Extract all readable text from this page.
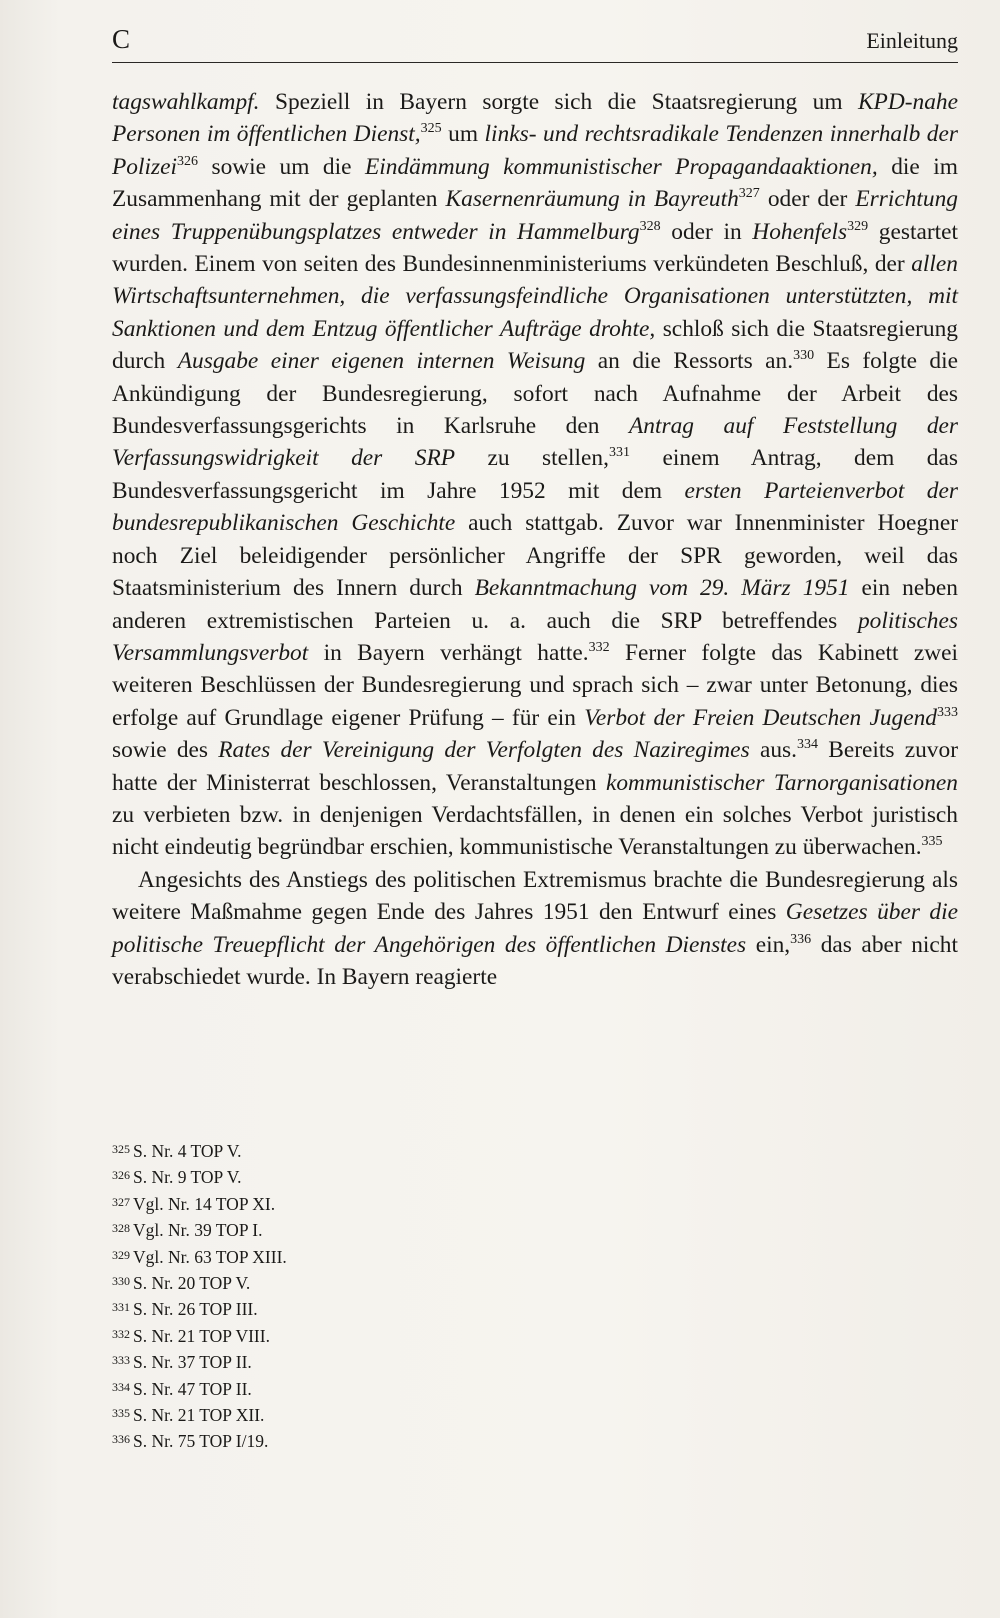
C	Einleitung

tagswahlkampf. Speziell in Bayern sorgte sich die Staatsregierung um KPD-nahe Personen im öffentlichen Dienst,$^{325}$ um links- und rechtsradikale Tendenzen innerhalb der Polizei$^{326}$ sowie um die Eindämmung kommunistischer Propagandaaktionen, die im Zusammenhang mit der geplanten Kasernenräumung in Bayreuth$^{327}$ oder der Errichtung eines Truppenübungsplatzes entweder in Hammelburg$^{328}$ oder in Hohenfels$^{329}$ gestartet wurden. Einem von seiten des Bundesinnenministeriums verkündeten Beschluß, der allen Wirtschaftsunternehmen, die verfassungsfeindliche Organisationen unterstützten, mit Sanktionen und dem Entzug öffentlicher Aufträge drohte, schloß sich die Staatsregierung durch Ausgabe einer eigenen internen Weisung an die Ressorts an.$^{330}$ Es folgte die Ankündigung der Bundesregierung, sofort nach Aufnahme der Arbeit des Bundesverfassungsgerichts in Karlsruhe den Antrag auf Feststellung der Verfassungswidrigkeit der SRP zu stellen,$^{331}$ einem Antrag, dem das Bundesverfassungsgericht im Jahre 1952 mit dem ersten Parteienverbot der bundesrepublikanischen Geschichte auch stattgab. Zuvor war Innenminister Hoegner noch Ziel beleidigender persönlicher Angriffe der SPR geworden, weil das Staatsministerium des Innern durch Bekanntmachung vom 29. März 1951 ein neben anderen extremistischen Parteien u. a. auch die SRP betreffendes politisches Versammlungsverbot in Bayern verhängt hatte.$^{332}$ Ferner folgte das Kabinett zwei weiteren Beschlüssen der Bundesregierung und sprach sich – zwar unter Betonung, dies erfolge auf Grundlage eigener Prüfung – für ein Verbot der Freien Deutschen Jugend$^{333}$ sowie des Rates der Vereinigung der Verfolgten des Naziregimes aus.$^{334}$ Bereits zuvor hatte der Ministerrat beschlossen, Veranstaltungen kommunistischer Tarnorganisationen zu verbieten bzw. in denjenigen Verdachtsfällen, in denen ein solches Verbot juristisch nicht eindeutig begründbar erschien, kommunistische Veranstaltungen zu überwachen.$^{335}$

Angesichts des Anstiegs des politischen Extremismus brachte die Bundesregierung als weitere Maßmahme gegen Ende des Jahres 1951 den Entwurf eines Gesetzes über die politische Treuepflicht der Angehörigen des öffentlichen Dienstes ein,$^{336}$ das aber nicht verabschiedet wurde. In Bayern reagierte

$^{325}$ S. Nr. 4 TOP V.
$^{326}$ S. Nr. 9 TOP V.
$^{327}$ Vgl. Nr. 14 TOP XI.
$^{328}$ Vgl. Nr. 39 TOP I.
$^{329}$ Vgl. Nr. 63 TOP XIII.
$^{330}$ S. Nr. 20 TOP V.
$^{331}$ S. Nr. 26 TOP III.
$^{332}$ S. Nr. 21 TOP VIII.
$^{333}$ S. Nr. 37 TOP II.
$^{334}$ S. Nr. 47 TOP II.
$^{335}$ S. Nr. 21 TOP XII.
$^{336}$ S. Nr. 75 TOP I/19.
